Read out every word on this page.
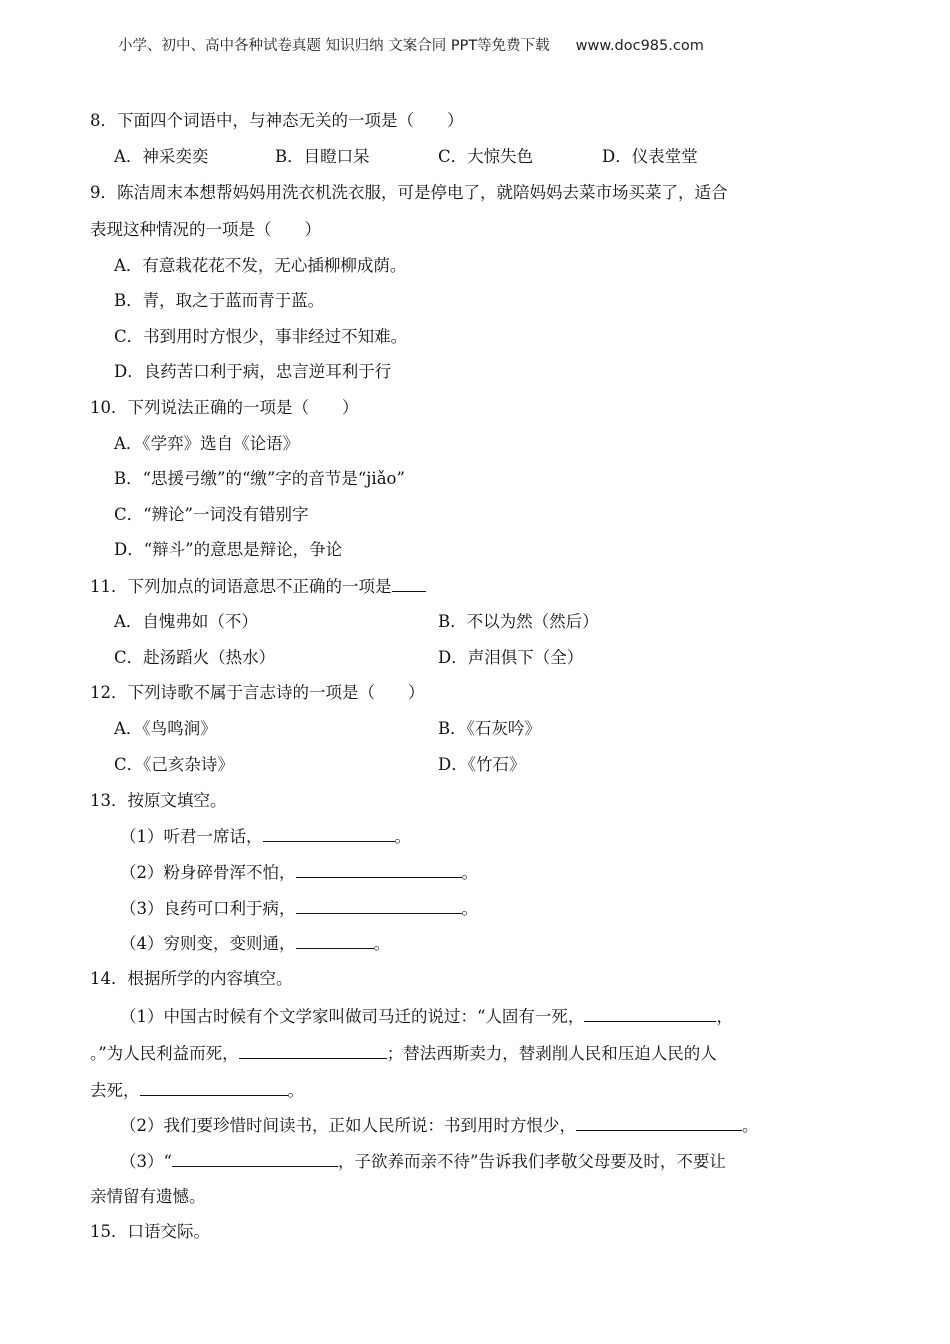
小学、初中、高中各种试卷真题 知识归纳 文案合同 PPT等免费下载 www.doc985.com
8．下面四个词语中，与神态无关的一项是（　　）
A．神采奕奕	B．目瞪口呆	C．大惊失色	D．仪表堂堂
9．陈洁周末本想帮妈妈用洗衣机洗衣服，可是停电了，就陪妈妈去菜市场买菜了，适合
表现这种情况的一项是（　　）
A．有意栽花花不发，无心插柳柳成荫。
B．青，取之于蓝而青于蓝。
C．书到用时方恨少，事非经过不知难。
D．良药苦口利于病，忠言逆耳利于行
10．下列说法正确的一项是（　　）
A．《学弈》选自《论语》
B．“思援弓缴”的“缴”字的音节是“jiǎo”
C．“辨论”一词没有错别字
D．“辩斗”的意思是辩论，争论
11．下列加点的词语意思不正确的一项是
A．自愧弗如（不）	B．不以为然（然后）
C．赴汤蹈火（热水）	D．声泪俱下（全）
12．下列诗歌不属于言志诗的一项是（　　）
A．《鸟鸣涧》	B．《石灰吟》
C．《己亥杂诗》	D．《竹石》
13．按原文填空。
（1）听君一席话，	。
（2）粉身碎骨浑不怕，	。
（3）良药可口利于病，	。
（4）穷则变，变则通，	。
14．根据所学的内容填空。
（1）中国古时候有个文学家叫做司马迁的说过：“人固有一死，	，
。”为人民利益而死，	；替法西斯卖力，替剥削人民和压迫人民的人
去死，	。
（2）我们要珍惜时间读书，正如人民所说：书到用时方恨少，	。
（3）“	，子欲养而亲不待”告诉我们孝敬父母要及时，不要让
亲情留有遗憾。
15．口语交际。
